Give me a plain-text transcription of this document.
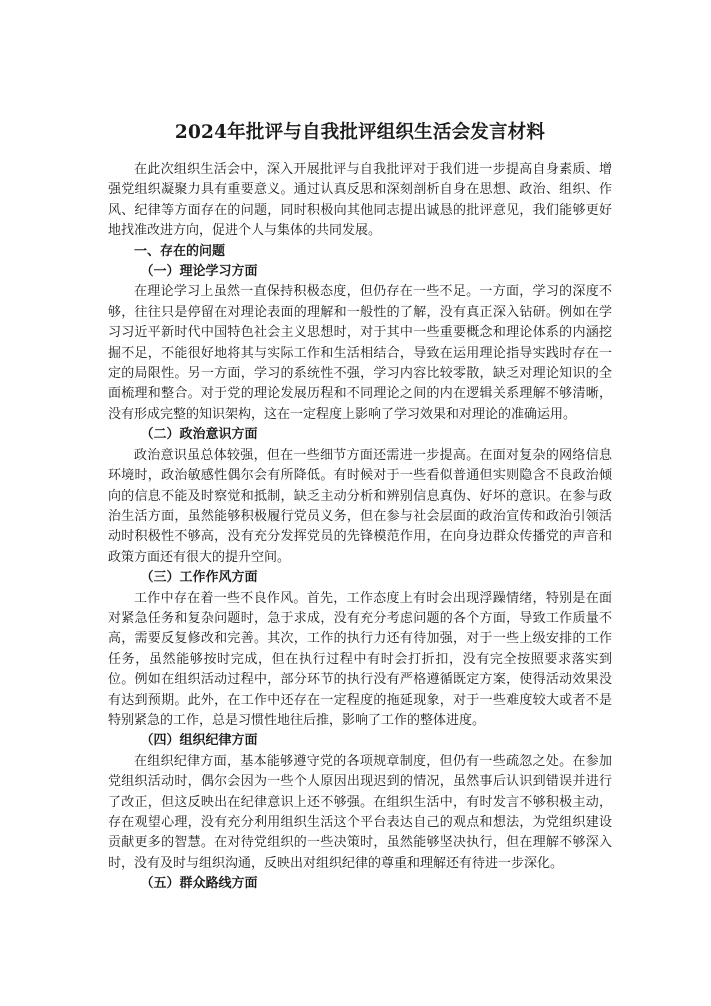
2024年批评与自我批评组织生活会发言材料

在此次组织生活会中，深入开展批评与自我批评对于我们进一步提高自身素质、增强党组织凝聚力具有重要意义。通过认真反思和深刻剖析自身在思想、政治、组织、作风、纪律等方面存在的问题，同时积极向其他同志提出诚恳的批评意见，我们能够更好地找准改进方向，促进个人与集体的共同发展。

一、存在的问题

（一）理论学习方面

在理论学习上虽然一直保持积极态度，但仍存在一些不足。一方面，学习的深度不够，往往只是停留在对理论表面的理解和一般性的了解，没有真正深入钻研。例如在学习习近平新时代中国特色社会主义思想时，对于其中一些重要概念和理论体系的内涵挖掘不足，不能很好地将其与实际工作和生活相结合，导致在运用理论指导实践时存在一定的局限性。另一方面，学习的系统性不强，学习内容比较零散，缺乏对理论知识的全面梳理和整合。对于党的理论发展历程和不同理论之间的内在逻辑关系理解不够清晰，没有形成完整的知识架构，这在一定程度上影响了学习效果和对理论的准确运用。

（二）政治意识方面

政治意识虽总体较强，但在一些细节方面还需进一步提高。在面对复杂的网络信息环境时，政治敏感性偶尔会有所降低。有时候对于一些看似普通但实则隐含不良政治倾向的信息不能及时察觉和抵制，缺乏主动分析和辨别信息真伪、好坏的意识。在参与政治生活方面，虽然能够积极履行党员义务，但在参与社会层面的政治宣传和政治引领活动时积极性不够高，没有充分发挥党员的先锋模范作用，在向身边群众传播党的声音和政策方面还有很大的提升空间。

（三）工作作风方面

工作中存在着一些不良作风。首先，工作态度上有时会出现浮躁情绪，特别是在面对紧急任务和复杂问题时，急于求成，没有充分考虑问题的各个方面，导致工作质量不高，需要反复修改和完善。其次，工作的执行力还有待加强，对于一些上级安排的工作任务，虽然能够按时完成，但在执行过程中有时会打折扣，没有完全按照要求落实到位。例如在组织活动过程中，部分环节的执行没有严格遵循既定方案，使得活动效果没有达到预期。此外，在工作中还存在一定程度的拖延现象，对于一些难度较大或者不是特别紧急的工作，总是习惯性地往后推，影响了工作的整体进度。

（四）组织纪律方面

在组织纪律方面，基本能够遵守党的各项规章制度，但仍有一些疏忽之处。在参加党组织活动时，偶尔会因为一些个人原因出现迟到的情况，虽然事后认识到错误并进行了改正，但这反映出在纪律意识上还不够强。在组织生活中，有时发言不够积极主动，存在观望心理，没有充分利用组织生活这个平台表达自己的观点和想法，为党组织建设贡献更多的智慧。在对待党组织的一些决策时，虽然能够坚决执行，但在理解不够深入时，没有及时与组织沟通，反映出对组织纪律的尊重和理解还有待进一步深化。

（五）群众路线方面
